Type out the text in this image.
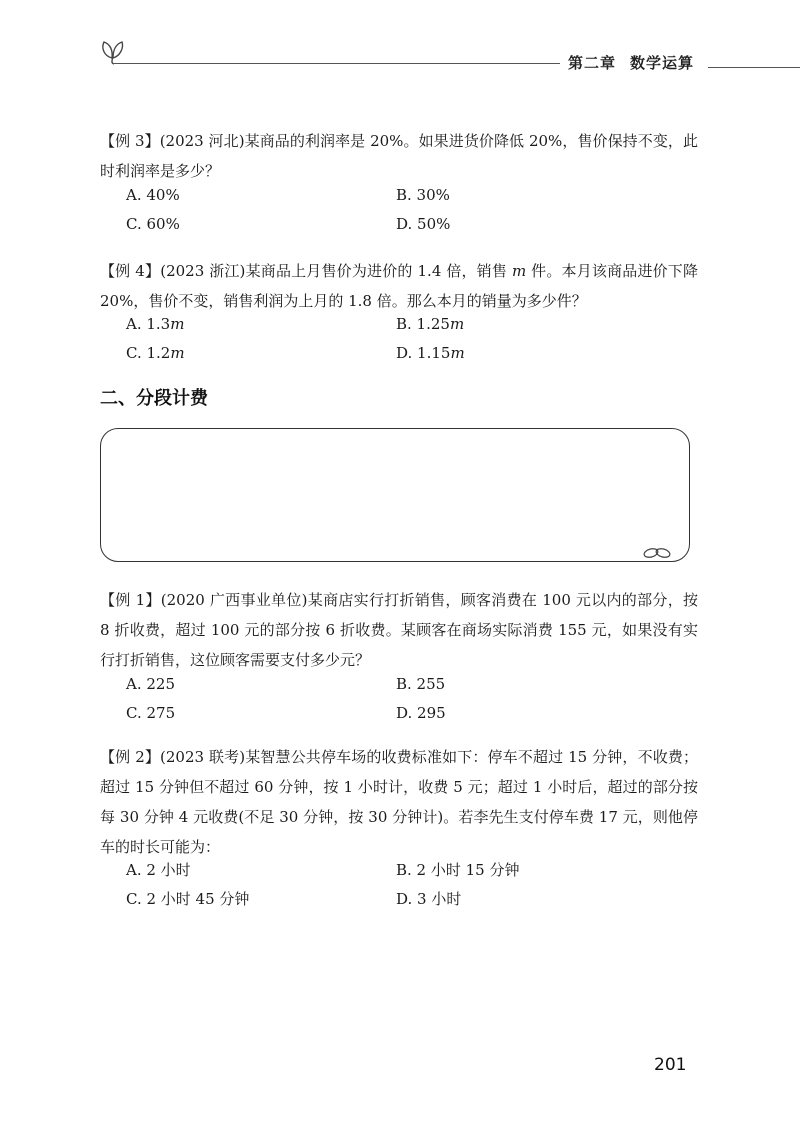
第二章 数学运算
【例 3】(2023 河北)某商品的利润率是 20%。如果进货价降低 20%，售价保持不变，此时利润率是多少？
A. 40%	B. 30%
C. 60%	D. 50%
【例 4】(2023 浙江)某商品上月售价为进价的 1.4 倍，销售 m 件。本月该商品进价下降 20%，售价不变，销售利润为上月的 1.8 倍。那么本月的销量为多少件？
A. 1.3m	B. 1.25m
C. 1.2m	D. 1.15m
二、分段计费
【例 1】(2020 广西事业单位)某商店实行打折销售，顾客消费在 100 元以内的部分，按 8 折收费，超过 100 元的部分按 6 折收费。某顾客在商场实际消费 155 元，如果没有实行打折销售，这位顾客需要支付多少元？
A. 225	B. 255
C. 275	D. 295
【例 2】(2023 联考)某智慧公共停车场的收费标准如下：停车不超过 15 分钟，不收费；超过 15 分钟但不超过 60 分钟，按 1 小时计，收费 5 元；超过 1 小时后，超过的部分按每 30 分钟 4 元收费(不足 30 分钟，按 30 分钟计)。若李先生支付停车费 17 元，则他停车的时长可能为：
A. 2 小时	B. 2 小时 15 分钟
C. 2 小时 45 分钟	D. 3 小时
201
